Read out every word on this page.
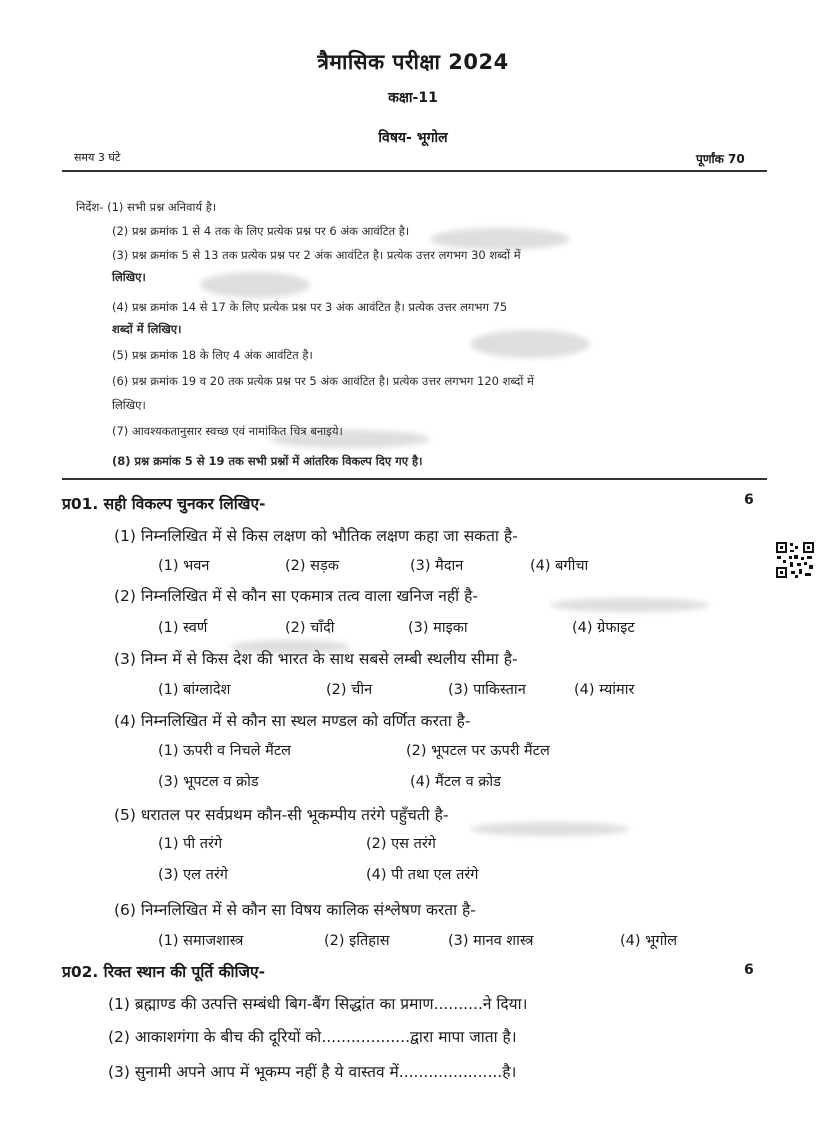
त्रैमासिक परीक्षा 2024
कक्षा-11
विषय- भूगोल
समय 3 घंटे	पूर्णांक 70
निर्देश- (1) सभी प्रश्न अनिवार्य है।
(2) प्रश्न क्रमांक 1 से 4 तक के लिए प्रत्येक प्रश्न पर 6 अंक आवंटित है।
(3) प्रश्न क्रमांक 5 से 13 तक प्रत्येक प्रश्न पर 2 अंक आवंटित है। प्रत्येक उत्तर लगभग 30 शब्दों में
लिखिए।
(4) प्रश्न क्रमांक 14 से 17 के लिए प्रत्येक प्रश्न पर 3 अंक आवंटित है। प्रत्येक उत्तर लगभग 75
शब्दों में लिखिए।
(5) प्रश्न क्रमांक 18 के लिए 4 अंक आवंटित है।
(6) प्रश्न क्रमांक 19 व 20 तक प्रत्येक प्रश्न पर 5 अंक आवंटित है। प्रत्येक उत्तर लगभग 120 शब्दों में
लिखिए।
(7) आवश्यकतानुसार स्वच्छ एवं नामांकित चित्र बनाइये।
(8) प्रश्न क्रमांक 5 से 19 तक सभी प्रश्नों में आंतरिक विकल्प दिए गए है।
प्र01. सही विकल्प चुनकर लिखिए-	6
(1) निम्नलिखित में से किस लक्षण को भौतिक लक्षण कहा जा सकता है-
(1) भवन	(2) सड़क	(3) मैदान	(4) बगीचा
(2) निम्नलिखित में से कौन सा एकमात्र तत्व वाला खनिज नहीं है-
(1) स्वर्ण	(2) चाँदी	(3) माइका	(4) ग्रेफाइट
(3) निम्न में से किस देश की भारत के साथ सबसे लम्बी स्थलीय सीमा है-
(1) बांग्लादेश	(2) चीन	(3) पाकिस्तान	(4) म्यांमार
(4) निम्नलिखित में से कौन सा स्थल मण्डल को वर्णित करता है-
(1) ऊपरी व निचले मैंटल	(2) भूपटल पर ऊपरी मैंटल
(3) भूपटल व क्रोड	(4) मैंटल व क्रोड
(5) धरातल पर सर्वप्रथम कौन-सी भूकम्पीय तरंगे पहुँचती है-
(1) पी तरंगे	(2) एस तरंगे
(3) एल तरंगे	(4) पी तथा एल तरंगे
(6) निम्नलिखित में से कौन सा विषय कालिक संश्लेषण करता है-
(1) समाजशास्त्र	(2) इतिहास	(3) मानव शास्त्र	(4) भूगोल
प्र02. रिक्त स्थान की पूर्ति कीजिए-	6
(1) ब्रह्माण्ड की उत्पत्ति सम्बंधी बिग-बैंग सिद्धांत का प्रमाण..........ने दिया।
(2) आकाशगंगा के बीच की दूरियों को..................द्वारा मापा जाता है।
(3) सुनामी अपने आप में भूकम्प नहीं है ये वास्तव में.....................है।
